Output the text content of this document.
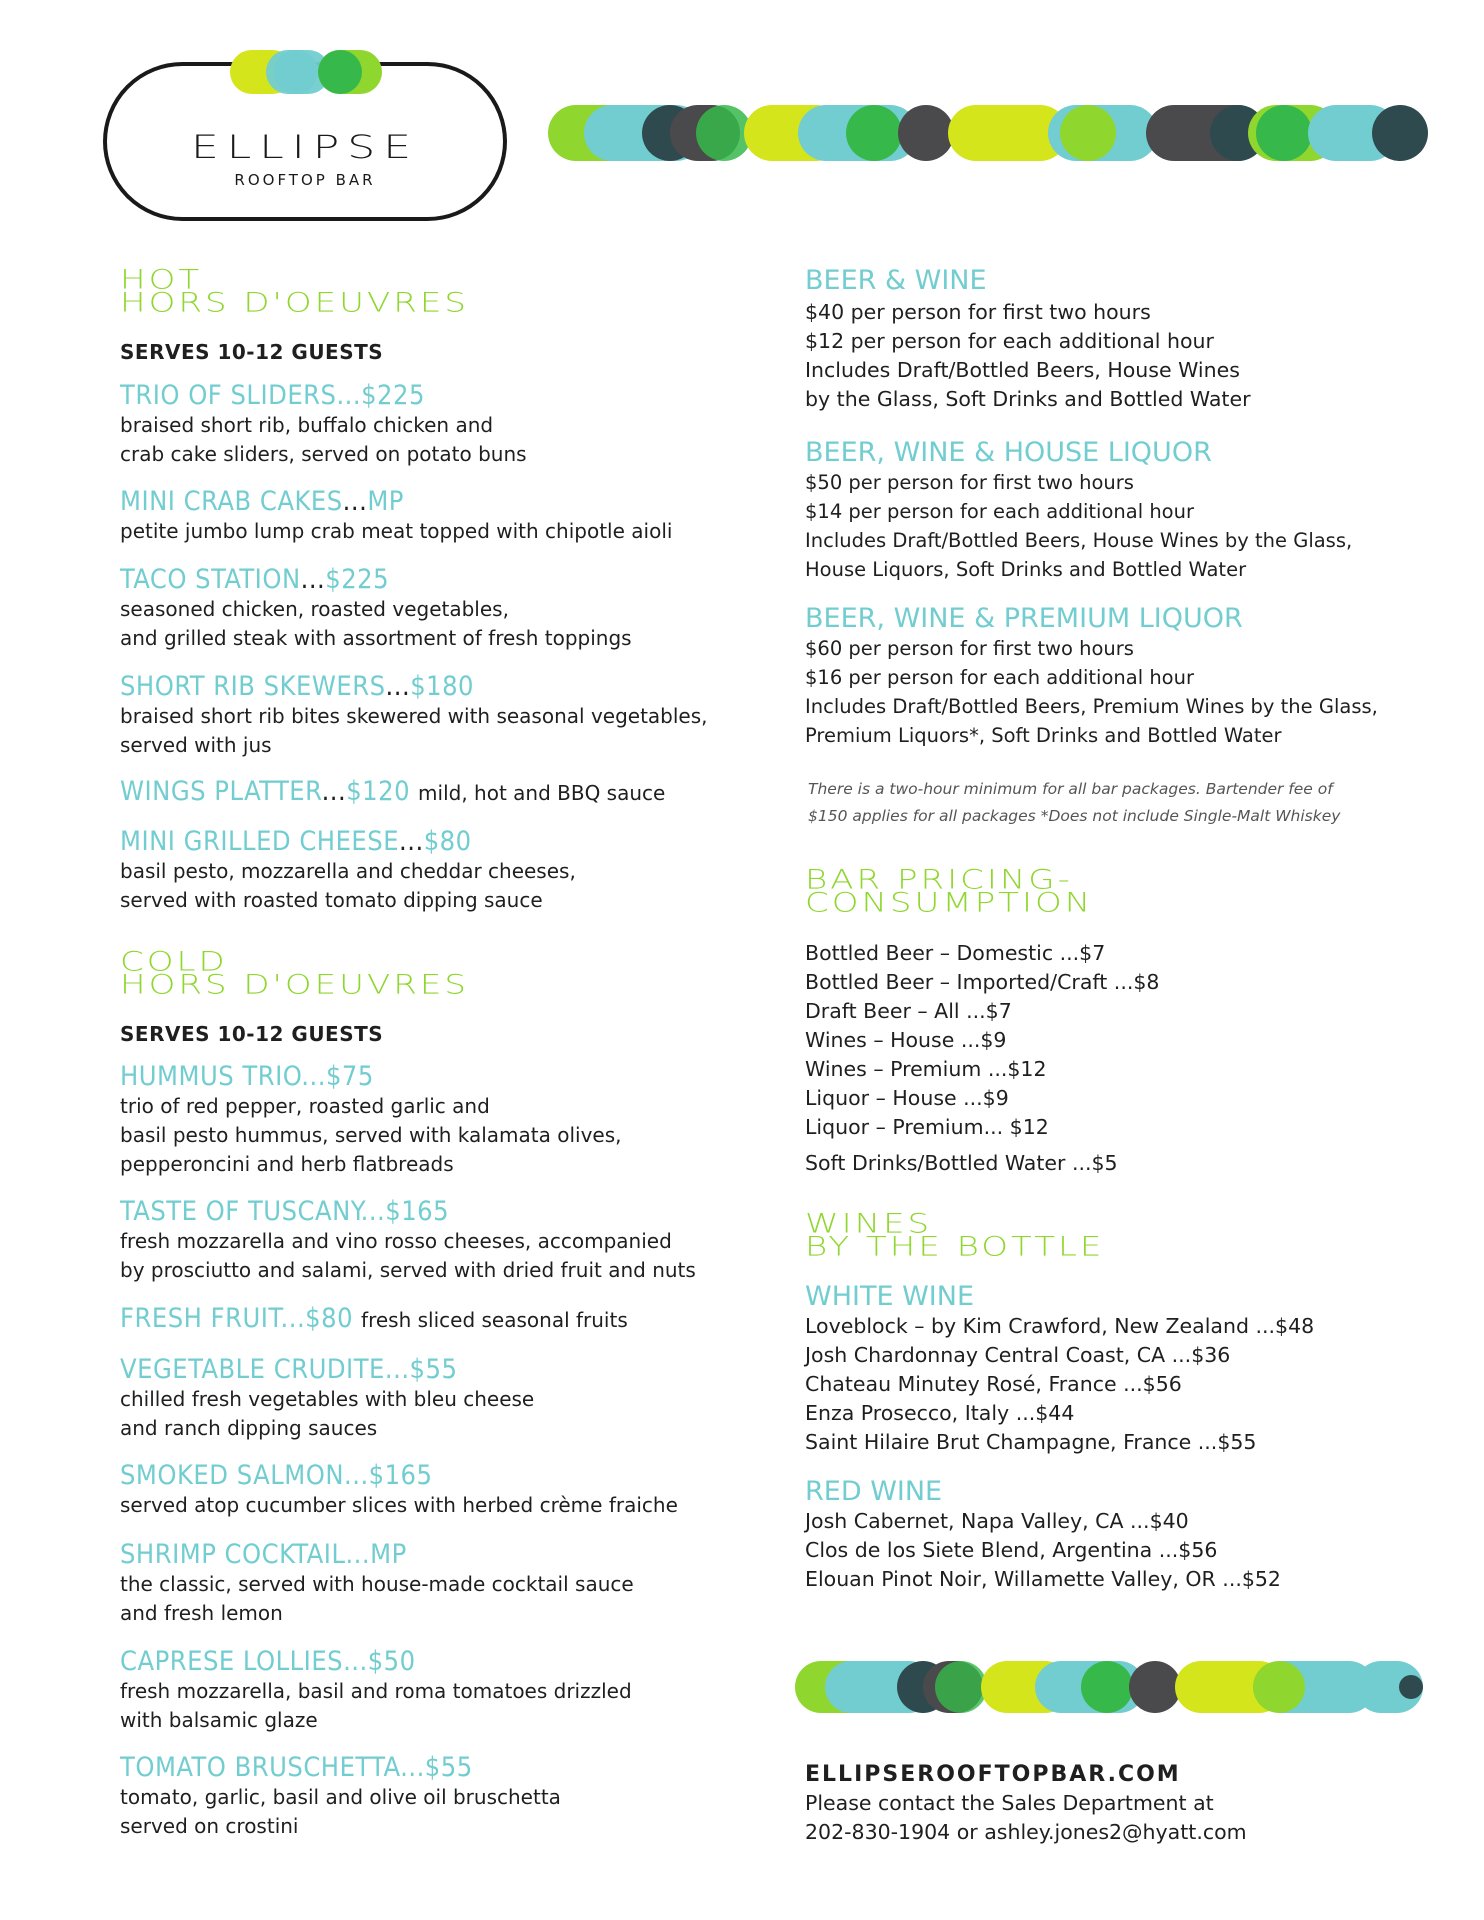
ELLIPSE
ROOFTOP BAR
HOT
HORS D'OEUVRES
SERVES 10-12 GUESTS
TRIO OF SLIDERS...$225
braised short rib, buffalo chicken and
crab cake sliders, served on potato buns
MINI CRAB CAKES...MP
petite jumbo lump crab meat topped with chipotle aioli
TACO STATION...$225
seasoned chicken, roasted vegetables,
and grilled steak with assortment of fresh toppings
SHORT RIB SKEWERS...$180
braised short rib bites skewered with seasonal vegetables,
served with jus
WINGS PLATTER...$120 mild, hot and BBQ sauce
MINI GRILLED CHEESE...$80
basil pesto, mozzarella and cheddar cheeses,
served with roasted tomato dipping sauce
COLD
HORS D'OEUVRES
SERVES 10-12 GUESTS
HUMMUS TRIO...$75
trio of red pepper, roasted garlic and
basil pesto hummus, served with kalamata olives,
pepperoncini and herb flatbreads
TASTE OF TUSCANY...$165
fresh mozzarella and vino rosso cheeses, accompanied
by prosciutto and salami, served with dried fruit and nuts
FRESH FRUIT...$80 fresh sliced seasonal fruits
VEGETABLE CRUDITE...$55
chilled fresh vegetables with bleu cheese
and ranch dipping sauces
SMOKED SALMON...$165
served atop cucumber slices with herbed crème fraiche
SHRIMP COCKTAIL...MP
the classic, served with house-made cocktail sauce
and fresh lemon
CAPRESE LOLLIES...$50
fresh mozzarella, basil and roma tomatoes drizzled
with balsamic glaze
TOMATO BRUSCHETTA...$55
tomato, garlic, basil and olive oil bruschetta
served on crostini
BEER & WINE
$40 per person for first two hours
$12 per person for each additional hour
Includes Draft/Bottled Beers, House Wines
by the Glass, Soft Drinks and Bottled Water
BEER, WINE & HOUSE LIQUOR
$50 per person for first two hours
$14 per person for each additional hour
Includes Draft/Bottled Beers, House Wines by the Glass,
House Liquors, Soft Drinks and Bottled Water
BEER, WINE & PREMIUM LIQUOR
$60 per person for first two hours
$16 per person for each additional hour
Includes Draft/Bottled Beers, Premium Wines by the Glass,
Premium Liquors*, Soft Drinks and Bottled Water
There is a two-hour minimum for all bar packages. Bartender fee of
$150 applies for all packages *Does not include Single-Malt Whiskey
BAR PRICING-
CONSUMPTION
Bottled Beer – Domestic ...$7
Bottled Beer – Imported/Craft ...$8
Draft Beer – All ...$7
Wines – House ...$9
Wines – Premium ...$12
Liquor – House ...$9
Liquor – Premium... $12
Soft Drinks/Bottled Water ...$5
WINES
BY THE BOTTLE
WHITE WINE
Loveblock – by Kim Crawford, New Zealand ...$48
Josh Chardonnay Central Coast, CA ...$36
Chateau Minutey Rosé, France ...$56
Enza Prosecco, Italy ...$44
Saint Hilaire Brut Champagne, France ...$55
RED WINE
Josh Cabernet, Napa Valley, CA ...$40
Clos de los Siete Blend, Argentina ...$56
Elouan Pinot Noir, Willamette Valley, OR ...$52
ELLIPSEROOFTOPBAR.COM
Please contact the Sales Department at
202-830-1904 or ashley.jones2@hyatt.com
